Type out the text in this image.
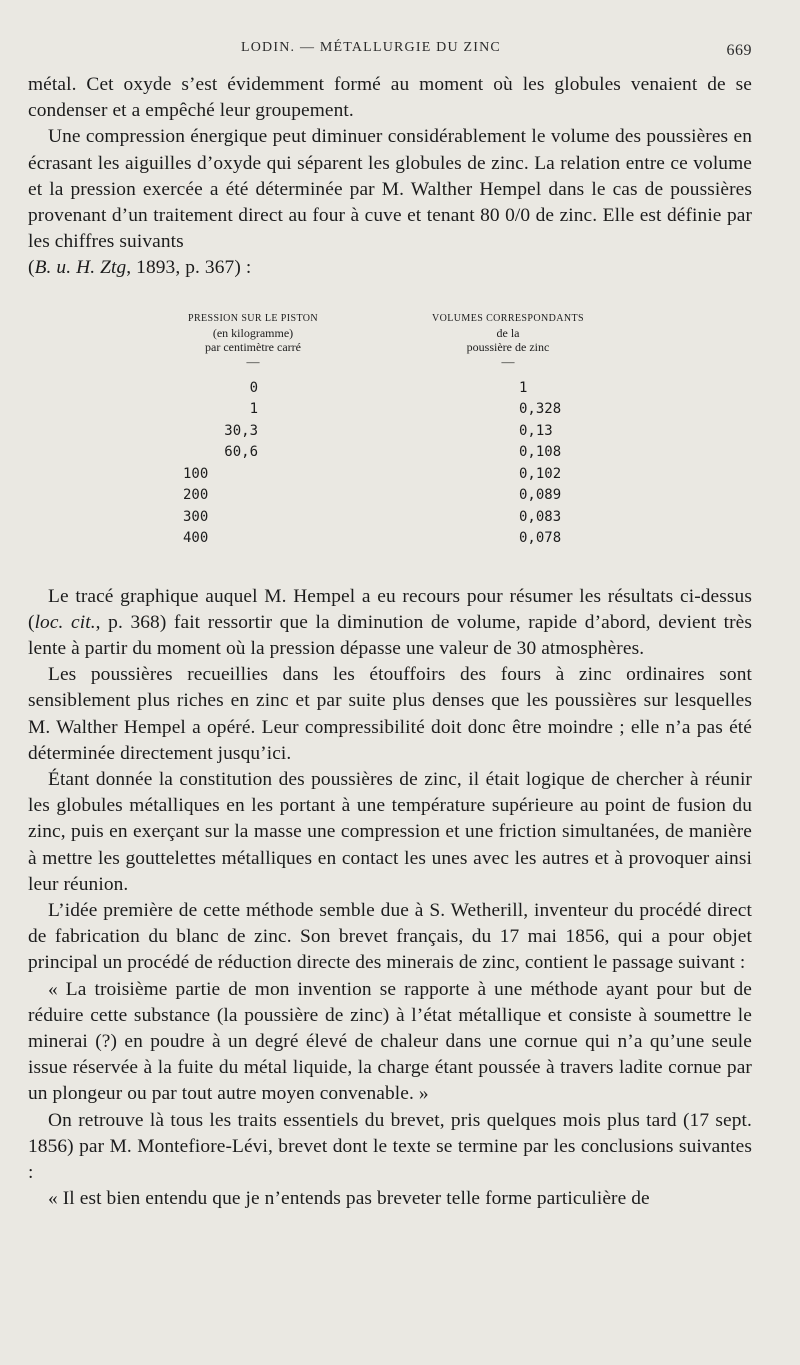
LODIN. — MÉTALLURGIE DU ZINC	669

métal. Cet oxyde s’est évidemment formé au moment où les globules venaient de se condenser et a empêché leur groupement.

Une compression énergique peut diminuer considérablement le volume des poussières en écrasant les aiguilles d’oxyde qui séparent les globules de zinc. La relation entre ce volume et la pression exercée a été déterminée par M. Walther Hempel dans le cas de poussières provenant d’un traitement direct au four à cuve et tenant 80 0/0 de zinc. Elle est définie par les chiffres suivants
(B. u. H. Ztg, 1893, p. 367) :

PRESSION SUR LE PISTON
(en kilogramme)
par centimètre carré
—
0
1
30,3
60,6
100
200
300
400
VOLUMES CORRESPONDANTS
de la
poussière de zinc
—
1
0,328
0,13
0,108
0,102
0,089
0,083
0,078

Le tracé graphique auquel M. Hempel a eu recours pour résumer les résultats ci-dessus (loc. cit., p. 368) fait ressortir que la diminution de volume, rapide d’abord, devient très lente à partir du moment où la pression dépasse une valeur de 30 atmosphères.

Les poussières recueillies dans les étouffoirs des fours à zinc ordinaires sont sensiblement plus riches en zinc et par suite plus denses que les poussières sur lesquelles M. Walther Hempel a opéré. Leur compressibilité doit donc être moindre ; elle n’a pas été déterminée directement jusqu’ici.

Étant donnée la constitution des poussières de zinc, il était logique de chercher à réunir les globules métalliques en les portant à une température supérieure au point de fusion du zinc, puis en exerçant sur la masse une compression et une friction simultanées, de manière à mettre les gouttelettes métalliques en contact les unes avec les autres et à provoquer ainsi leur réunion.

L’idée première de cette méthode semble due à S. Wetherill, inventeur du procédé direct de fabrication du blanc de zinc. Son brevet français, du 17 mai 1856, qui a pour objet principal un procédé de réduction directe des minerais de zinc, contient le passage suivant :

« La troisième partie de mon invention se rapporte à une méthode ayant pour but de réduire cette substance (la poussière de zinc) à l’état métallique et consiste à soumettre le minerai (?) en poudre à un degré élevé de chaleur dans une cornue qui n’a qu’une seule issue réservée à la fuite du métal liquide, la charge étant poussée à travers ladite cornue par un plongeur ou par tout autre moyen convenable. »

On retrouve là tous les traits essentiels du brevet, pris quelques mois plus tard (17 sept. 1856) par M. Montefiore-Lévi, brevet dont le texte se termine par les conclusions suivantes :

« Il est bien entendu que je n’entends pas breveter telle forme particulière de
